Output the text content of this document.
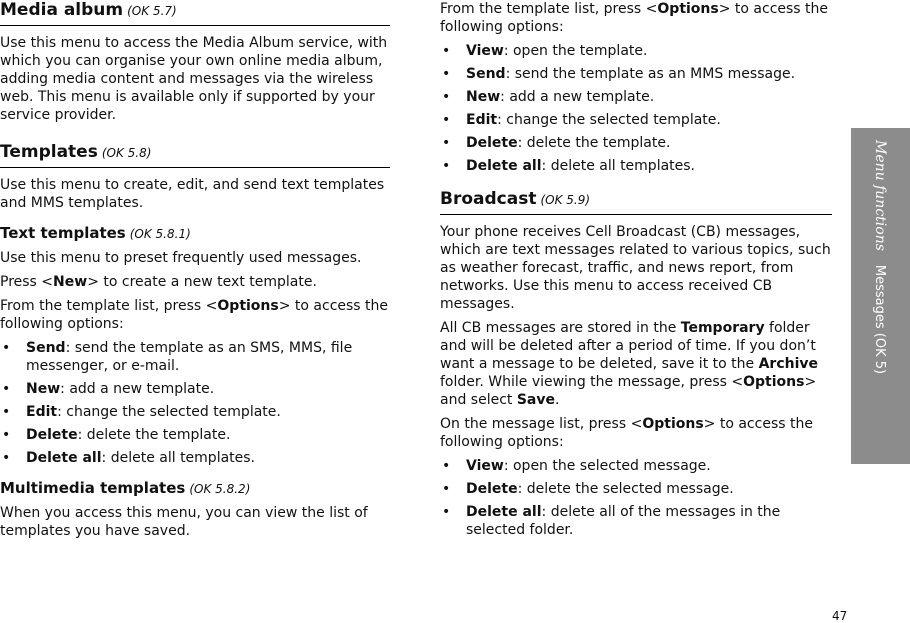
Media album (OK 5.7)

Use this menu to access the Media Album service, with which you can organise your own online media album, adding media content and messages via the wireless web. This menu is available only if supported by your service provider.

Templates (OK 5.8)

Use this menu to create, edit, and send text templates and MMS templates.

Text templates (OK 5.8.1)

Use this menu to preset frequently used messages.

Press <New> to create a new text template.

From the template list, press <Options> to access the following options:

• Send: send the template as an SMS, MMS, file messenger, or e-mail.
• New: add a new template.
• Edit: change the selected template.
• Delete: delete the template.
• Delete all: delete all templates.
Multimedia templates (OK 5.8.2)

When you access this menu, you can view the list of templates you have saved.

From the template list, press <Options> to access the following options:

• View: open the template.
• Send: send the template as an MMS message.
• New: add a new template.
• Edit: change the selected template.
• Delete: delete the template.
• Delete all: delete all templates.
Broadcast (OK 5.9)

Your phone receives Cell Broadcast (CB) messages, which are text messages related to various topics, such as weather forecast, traffic, and news report, from networks. Use this menu to access received CB messages.

All CB messages are stored in the Temporary folder and will be deleted after a period of time. If you don’t want a message to be deleted, save it to the Archive folder. While viewing the message, press <Options> and select Save.

On the message list, press <Options> to access the following options:

• View: open the selected message.
• Delete: delete the selected message.
• Delete all: delete all of the messages in the selected folder.
Menu functionsMessages (OK 5)
47
